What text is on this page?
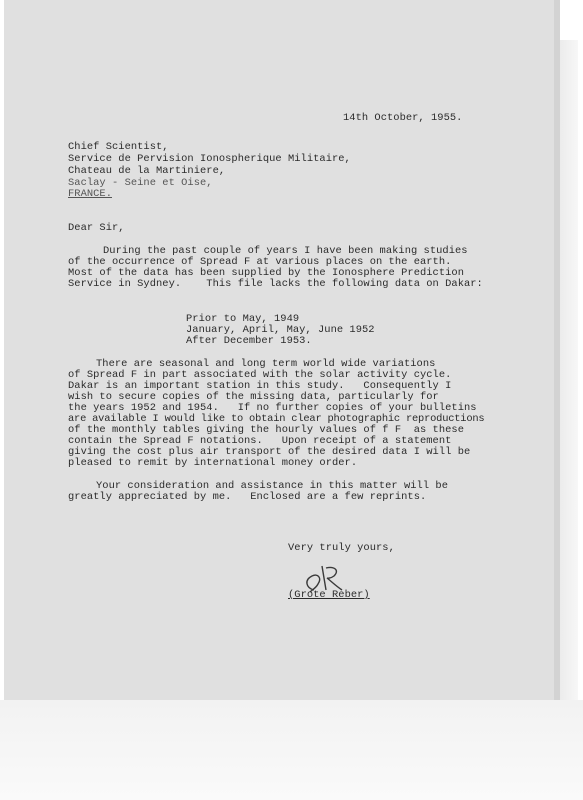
14th October, 1955.
Chief Scientist,
Service de Pervision Ionospherique Militaire,
Chateau de la Martiniere,
Saclay - Seine et Oise,
FRANCE.
Dear Sir,
During the past couple of years I have been making studies
of the occurrence of Spread F at various places on the earth.
Most of the data has been supplied by the Ionosphere Prediction
Service in Sydney.    This file lacks the following data on Dakar:
Prior to May, 1949
January, April, May, June 1952
After December 1953.
There are seasonal and long term world wide variations
of Spread F in part associated with the solar activity cycle.
Dakar is an important station in this study.   Consequently I
wish to secure copies of the missing data, particularly for
the years 1952 and 1954.   If no further copies of your bulletins
are available I would like to obtain clear photographic reproductions
of the monthly tables giving the hourly values of f F  as these
contain the Spread F notations.   Upon receipt of a statement
giving the cost plus air transport of the desired data I will be
pleased to remit by international money order.
Your consideration and assistance in this matter will be
greatly appreciated by me.   Enclosed are a few reprints.
Very truly yours,
(Grote Reber)
